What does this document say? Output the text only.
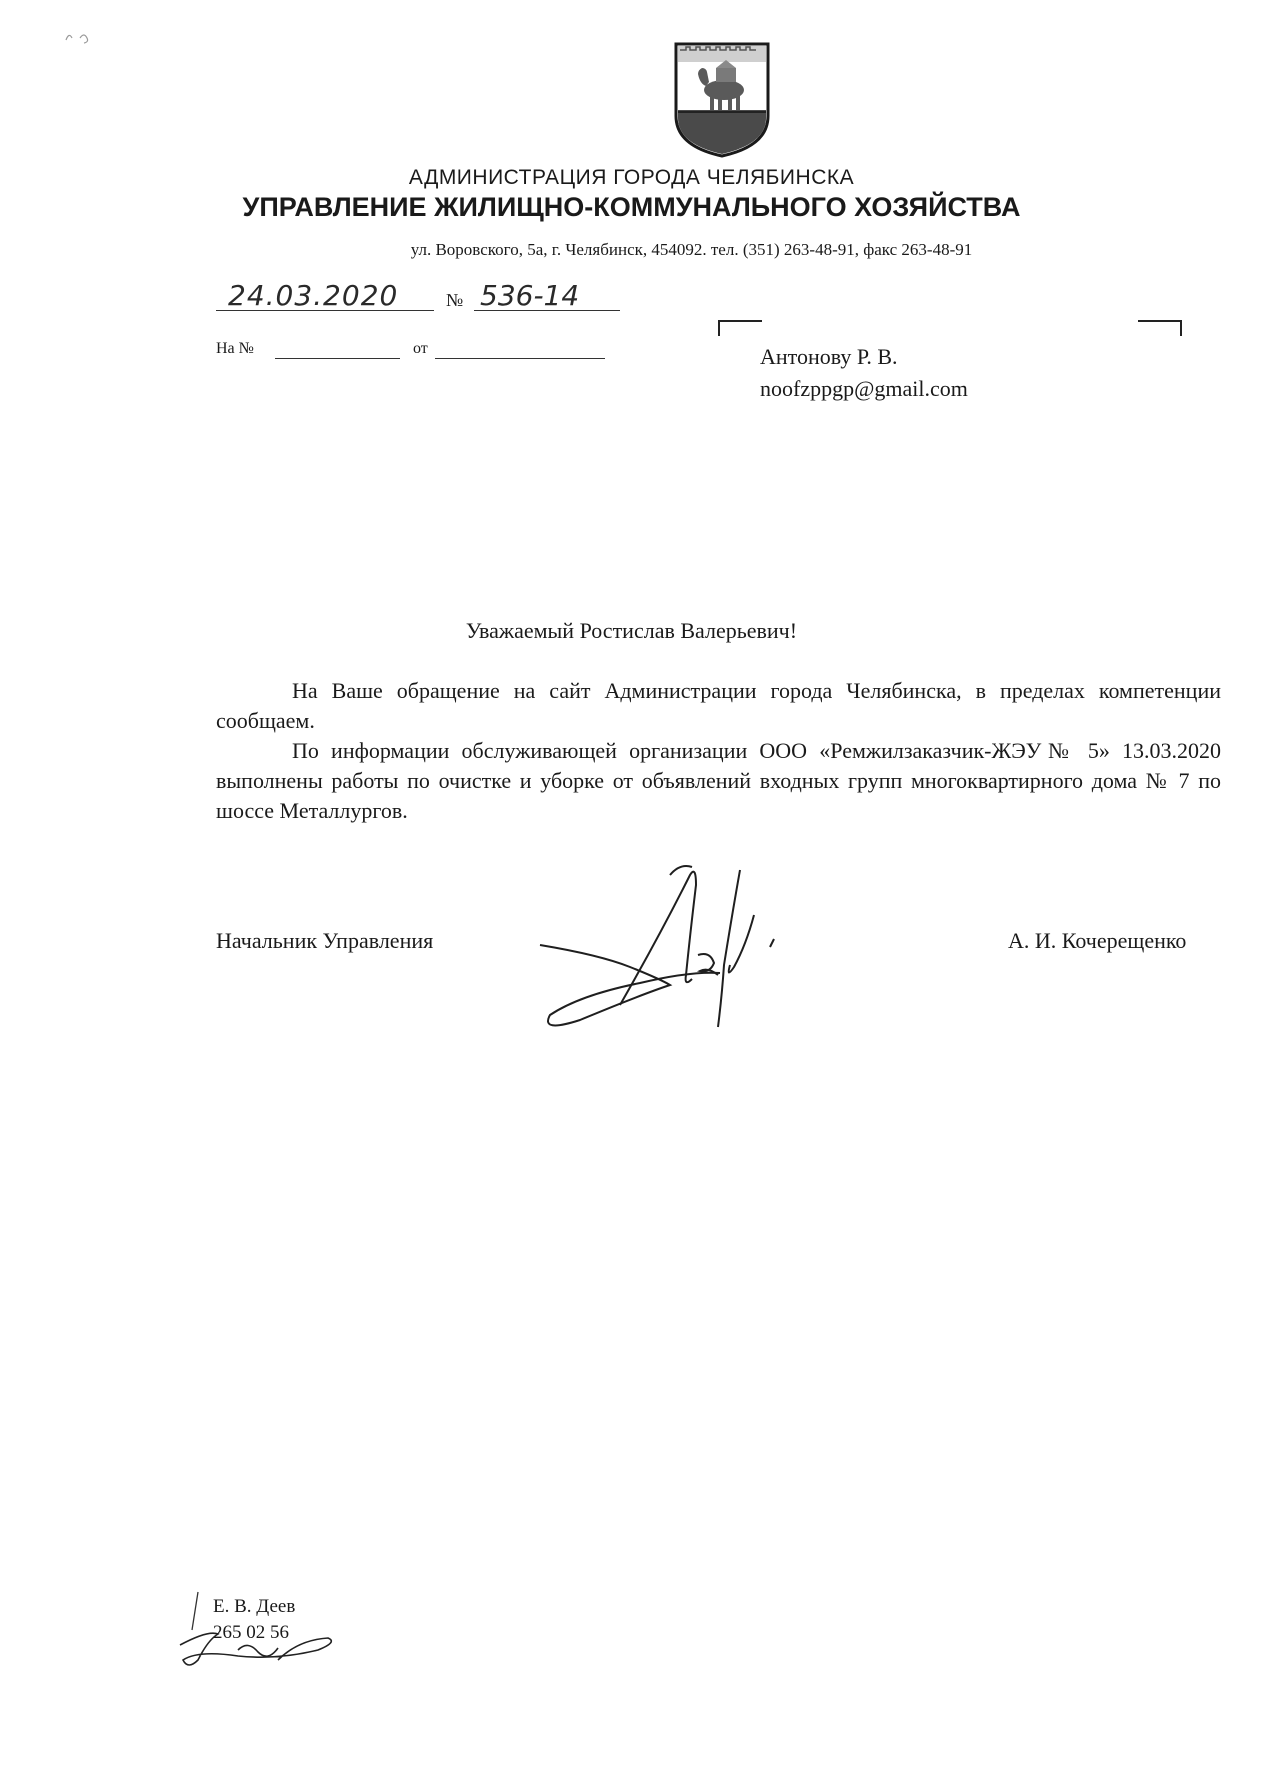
АДМИНИСТРАЦИЯ ГОРОДА ЧЕЛЯБИНСКА
УПРАВЛЕНИЕ ЖИЛИЩНО-КОММУНАЛЬНОГО ХОЗЯЙСТВА
ул. Воровского, 5а, г. Челябинск, 454092. тел. (351) 263-48-91, факс 263-48-91
24.03.2020	№ 536-14
На №	от	Антонову Р. В.
noofzppgp@gmail.com
Уважаемый Ростислав Валерьевич!
На Ваше обращение на сайт Администрации города Челябинска, в пределах компетенции сообщаем.
По информации обслуживающей организации ООО «Ремжилзаказчик-ЖЭУ№ 5» 13.03.2020 выполнены работы по очистке и уборке от объявлений входных групп многоквартирного дома № 7 по шоссе Металлургов.
Начальник Управления	А. И. Кочерещенко
Е. В. Деев
265 02 56
